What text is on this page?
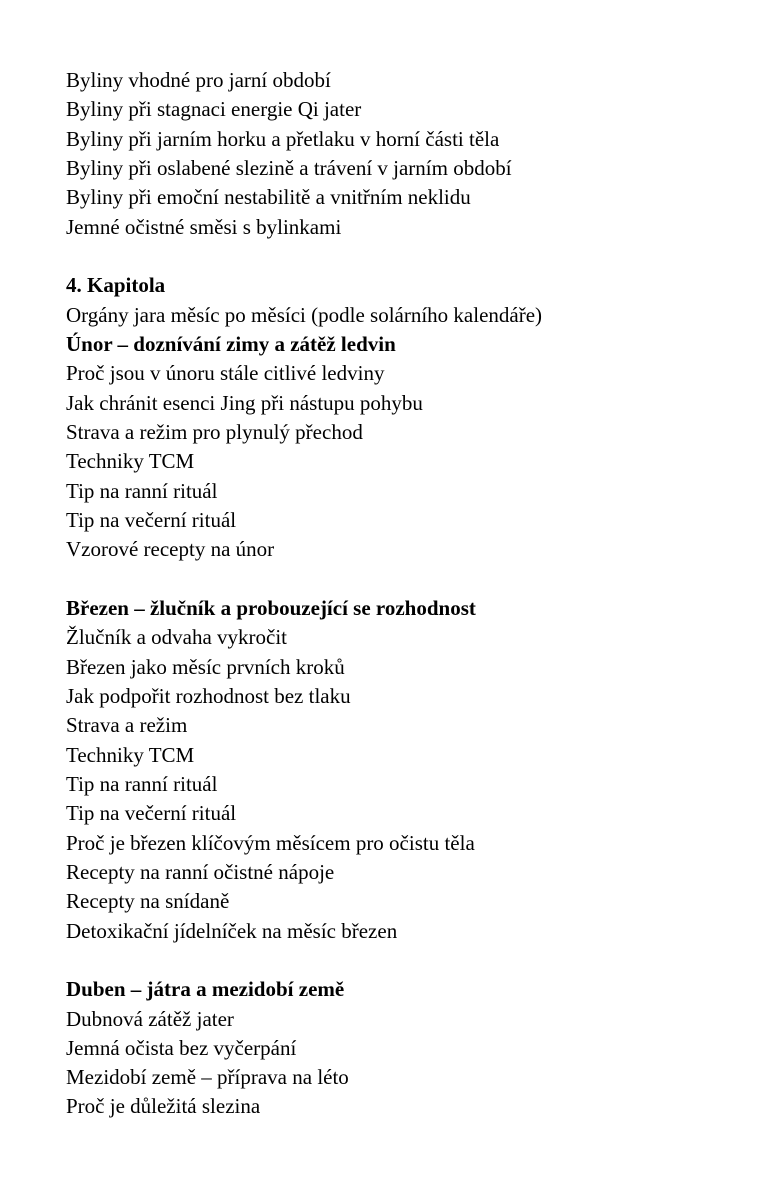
Byliny vhodné pro jarní období
Byliny při stagnaci energie Qi jater
Byliny při jarním horku a přetlaku v horní části těla
Byliny při oslabené slezině a trávení v jarním období
Byliny při emoční nestabilitě a vnitřním neklidu
Jemné očistné směsi s bylinkami
4. Kapitola
Orgány jara měsíc po měsíci (podle solárního kalendáře)
Únor – doznívání zimy a zátěž ledvin
Proč jsou v únoru stále citlivé ledviny
Jak chránit esenci Jing při nástupu pohybu
Strava a režim pro plynulý přechod
Techniky TCM
Tip na ranní rituál
Tip na večerní rituál
Vzorové recepty na únor
Březen – žlučník a probouzející se rozhodnost
Žlučník a odvaha vykročit
Březen jako měsíc prvních kroků
Jak podpořit rozhodnost bez tlaku
Strava a režim
Techniky TCM
Tip na ranní rituál
Tip na večerní rituál
Proč je březen klíčovým měsícem pro očistu těla
Recepty na ranní očistné nápoje
Recepty na snídaně
Detoxikační jídelníček na měsíc březen
Duben – játra a mezidobí země
Dubnová zátěž jater
Jemná očista bez vyčerpání
Mezidobí země – příprava na léto
Proč je důležitá slezina
